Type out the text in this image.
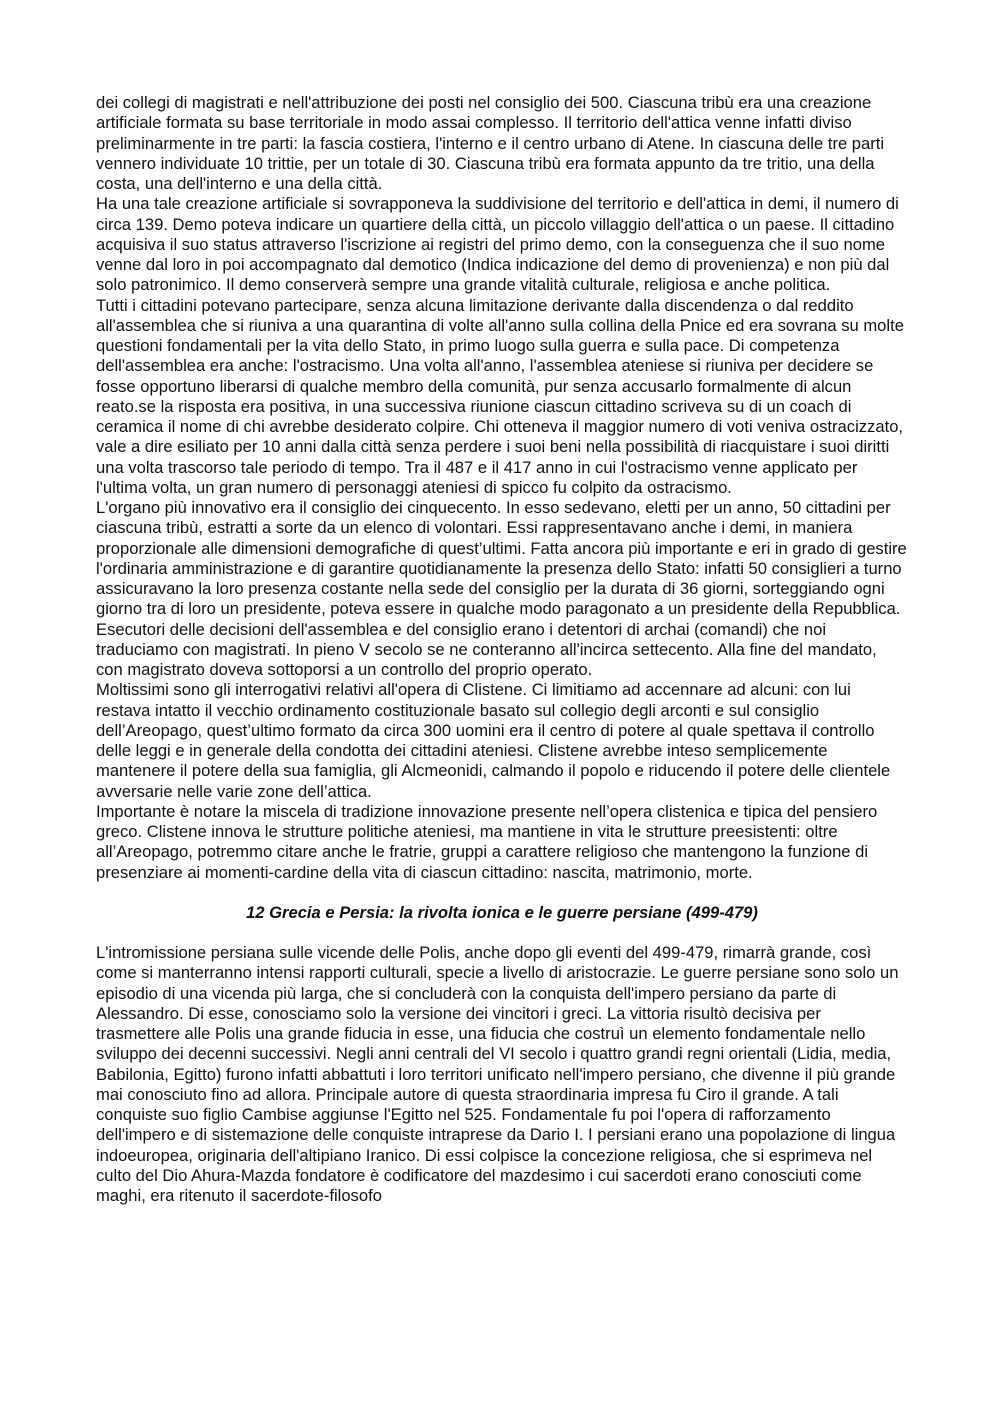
dei collegi di magistrati e nell'attribuzione dei posti nel consiglio dei 500. Ciascuna tribù era una creazione artificiale formata su base territoriale in modo assai complesso. Il territorio dell'attica venne infatti diviso preliminarmente in tre parti: la fascia costiera, l'interno e il centro urbano di Atene. In ciascuna delle tre parti vennero individuate 10 trittie, per un totale di 30. Ciascuna tribù era formata appunto da tre tritio, una della costa, una dell'interno e una della città.

Ha una tale creazione artificiale si sovrapponeva la suddivisione del territorio e dell'attica in demi, il numero di circa 139. Demo poteva indicare un quartiere della città, un piccolo villaggio dell'attica o un paese. Il cittadino acquisiva il suo status attraverso l'iscrizione ai registri del primo demo, con la conseguenza che il suo nome venne dal loro in poi accompagnato dal demotico (Indica indicazione del demo di provenienza) e non più dal solo patronimico. Il demo conserverà sempre una grande vitalità culturale, religiosa e anche politica.

Tutti i cittadini potevano partecipare, senza alcuna limitazione derivante dalla discendenza o dal reddito all'assemblea che si riuniva a una quarantina di volte all'anno sulla collina della Pnice ed era sovrana su molte questioni fondamentali per la vita dello Stato, in primo luogo sulla guerra e sulla pace. Di competenza dell'assemblea era anche: l'ostracismo. Una volta all'anno, l'assemblea ateniese si riuniva per decidere se fosse opportuno liberarsi di qualche membro della comunità, pur senza accusarlo formalmente di alcun reato.se la risposta era positiva, in una successiva riunione ciascun cittadino scriveva su di un coach di ceramica il nome di chi avrebbe desiderato colpire. Chi otteneva il maggior numero di voti veniva ostracizzato, vale a dire esiliato per 10 anni dalla città senza perdere i suoi beni nella possibilità di riacquistare i suoi diritti una volta trascorso tale periodo di tempo. Tra il 487 e il 417 anno in cui l'ostracismo venne applicato per l'ultima volta, un gran numero di personaggi ateniesi di spicco fu colpito da ostracismo.

L'organo più innovativo era il consiglio dei cinquecento. In esso sedevano, eletti per un anno, 50 cittadini per ciascuna tribù, estratti a sorte da un elenco di volontari. Essi rappresentavano anche i demi, in maniera proporzionale alle dimensioni demografiche di quest’ultimi. Fatta ancora più importante e eri in grado di gestire l'ordinaria amministrazione e di garantire quotidianamente la presenza dello Stato: infatti 50 consiglieri a turno assicuravano la loro presenza costante nella sede del consiglio per la durata di 36 giorni, sorteggiando ogni giorno tra di loro un presidente, poteva essere in qualche modo paragonato a un presidente della Repubblica.

Esecutori delle decisioni dell'assemblea e del consiglio erano i detentori di archai (comandi) che noi traduciamo con magistrati. In pieno V secolo se ne conteranno all'incirca settecento. Alla fine del mandato, con magistrato doveva sottoporsi a un controllo del proprio operato.

Moltissimi sono gli interrogativi relativi all'opera di Clistene. Ci limitiamo ad accennare ad alcuni: con lui restava intatto il vecchio ordinamento costituzionale basato sul collegio degli arconti e sul consiglio dell’Areopago, quest’ultimo formato da circa 300 uomini era il centro di potere al quale spettava il controllo delle leggi e in generale della condotta dei cittadini ateniesi. Clistene avrebbe inteso semplicemente mantenere il potere della sua famiglia, gli Alcmeonidi, calmando il popolo e riducendo il potere delle clientele avversarie nelle varie zone dell’attica.

Importante è notare la miscela di tradizione innovazione presente nell’opera clistenica e tipica del pensiero greco. Clistene innova le strutture politiche ateniesi, ma mantiene in vita le strutture preesistenti: oltre all’Areopago, potremmo citare anche le fratrie, gruppi a carattere religioso che mantengono la funzione di presenziare ai momenti-cardine della vita di ciascun cittadino: nascita, matrimonio, morte.

12 Grecia e Persia: la rivolta ionica e le guerre persiane (499-479)

L'intromissione persiana sulle vicende delle Polis, anche dopo gli eventi del 499-479, rimarrà grande, così come si manterranno intensi rapporti culturali, specie a livello di aristocrazie. Le guerre persiane sono solo un episodio di una vicenda più larga, che si concluderà con la conquista dell'impero persiano da parte di Alessandro. Di esse, conosciamo solo la versione dei vincitori i greci. La vittoria risultò decisiva per trasmettere alle Polis una grande fiducia in esse, una fiducia che costruì un elemento fondamentale nello sviluppo dei decenni successivi. Negli anni centrali del VI secolo i quattro grandi regni orientali (Lidia, media, Babilonia, Egitto) furono infatti abbattuti i loro territori unificato nell'impero persiano, che divenne il più grande mai conosciuto fino ad allora. Principale autore di questa straordinaria impresa fu Ciro il grande. A tali conquiste suo figlio Cambise aggiunse l'Egitto nel 525. Fondamentale fu poi l'opera di rafforzamento dell'impero e di sistemazione delle conquiste intraprese da Dario I. I persiani erano una popolazione di lingua indoeuropea, originaria dell'altipiano Iranico. Di essi colpisce la concezione religiosa, che si esprimeva nel culto del Dio Ahura-Mazda fondatore è codificatore del mazdesimo i cui sacerdoti erano conosciuti come maghi, era ritenuto il sacerdote-filosofo
